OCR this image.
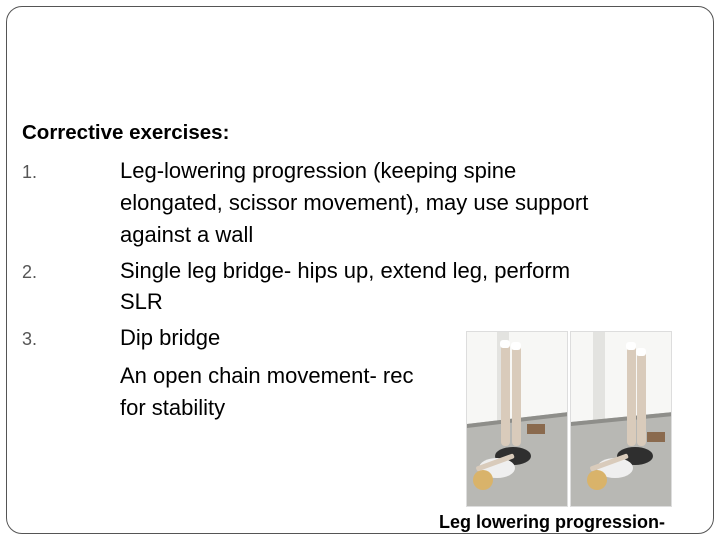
Corrective exercises:
1.	Leg-lowering progression (keeping spine
elongated, scissor movement), may use support
against a wall
2.	Single leg bridge- hips up, extend leg, perform
SLR
3.	Dip bridge
An open chain movement- rec
for stability
Leg lowering progression-
